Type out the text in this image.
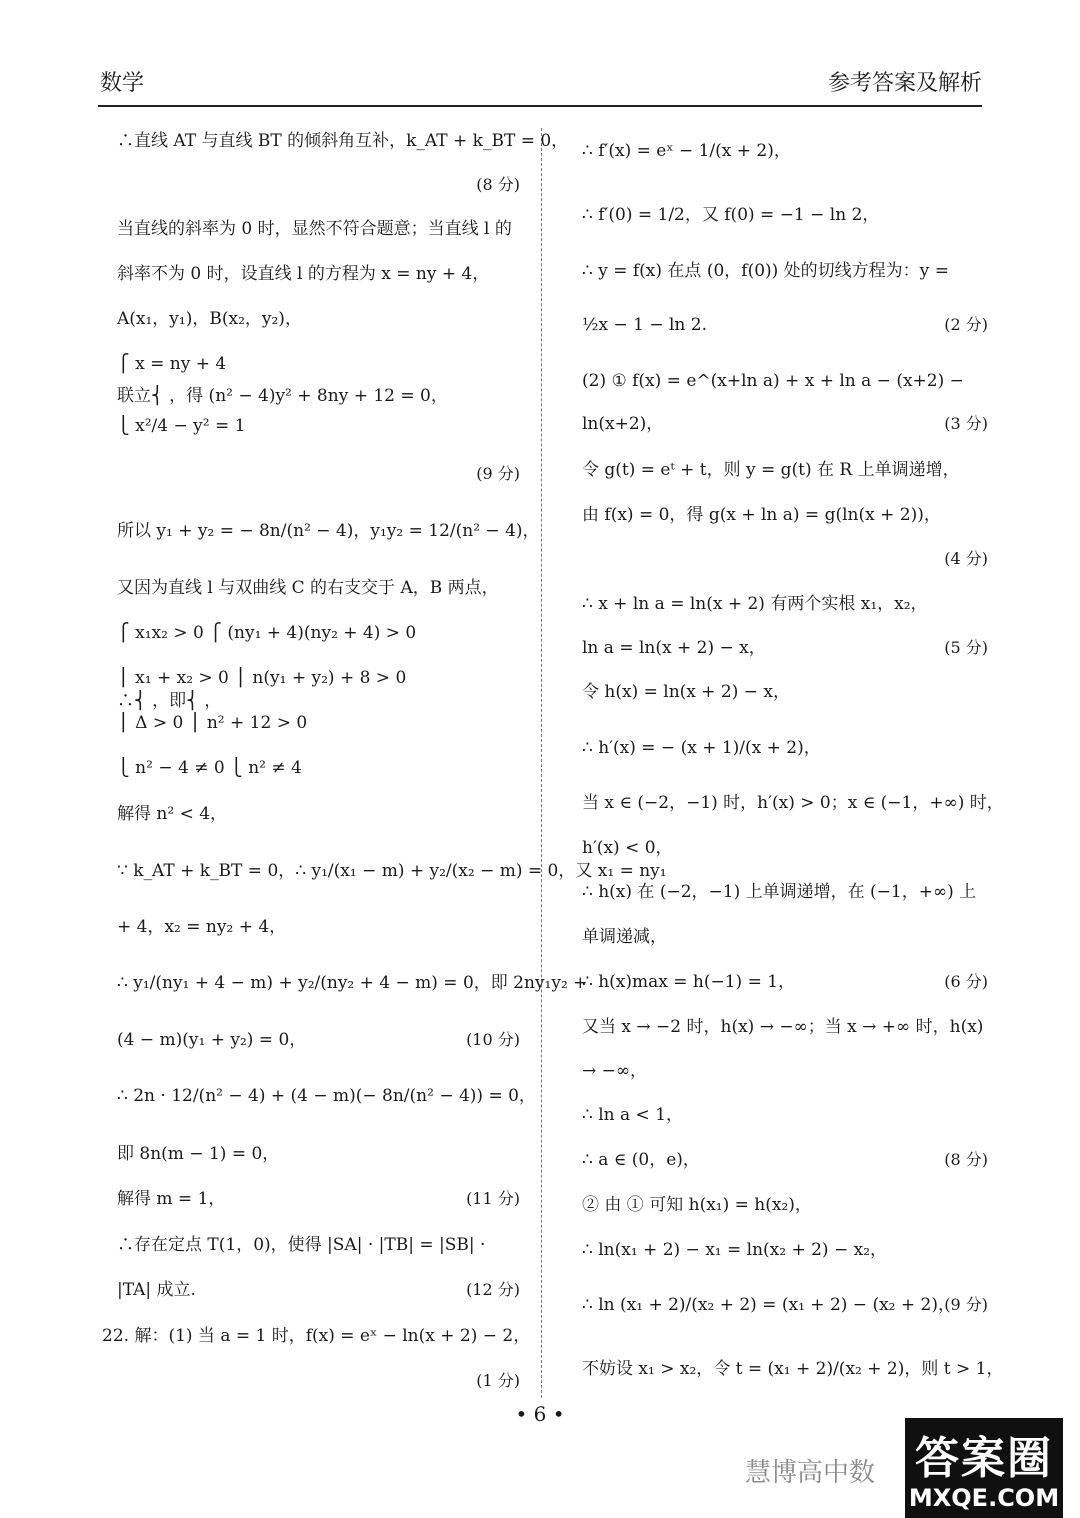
数学	参考答案及解析
∴直线 AT 与直线 BT 的倾斜角互补，k_AT + k_BT = 0，
(8 分)
当直线的斜率为 0 时，显然不符合题意；当直线 l 的
斜率不为 0 时，设直线 l 的方程为 x = ny + 4，
A(x₁，y₁)，B(x₂，y₂)，
⎧ x = ny + 4
联立⎨ ，得 (n² − 4)y² + 8ny + 12 = 0，
⎩ x²/4 − y² = 1
(9 分)
所以 y₁ + y₂ = − 8n/(n² − 4)，y₁y₂ = 12/(n² − 4)，
又因为直线 l 与双曲线 C 的右支交于 A，B 两点，
⎧ x₁x₂ > 0 ⎧ (ny₁ + 4)(ny₂ + 4) > 0
⎪ x₁ + x₂ > 0 ⎪ n(y₁ + y₂) + 8 > 0
∴⎨ ，即⎨ ，
⎪ Δ > 0 ⎪ n² + 12 > 0
⎩ n² − 4 ≠ 0 ⎩ n² ≠ 4
解得 n² < 4，
∵ k_AT + k_BT = 0，∴ y₁/(x₁ − m) + y₂/(x₂ − m) = 0，又 x₁ = ny₁
+ 4，x₂ = ny₂ + 4，
∴ y₁/(ny₁ + 4 − m) + y₂/(ny₂ + 4 − m) = 0，即 2ny₁y₂ +
(4 − m)(y₁ + y₂) = 0，	(10 分)
∴ 2n · 12/(n² − 4) + (4 − m)(− 8n/(n² − 4)) = 0，
即 8n(m − 1) = 0，
解得 m = 1，	(11 分)
∴存在定点 T(1，0)，使得 |SA| · |TB| = |SB| ·
|TA| 成立.	(12 分)
22. 解：(1) 当 a = 1 时，f(x) = eˣ − ln(x + 2) − 2，
(1 分)
∴ f′(x) = eˣ − 1/(x + 2)，
∴ f′(0) = 1/2，又 f(0) = −1 − ln 2，
∴ y = f(x) 在点 (0，f(0)) 处的切线方程为：y =
½x − 1 − ln 2.	(2 分)
(2) ① f(x) = e^(x+ln a) + x + ln a − (x+2) −
ln(x+2)，	(3 分)
令 g(t) = eᵗ + t，则 y = g(t) 在 R 上单调递增，
由 f(x) = 0，得 g(x + ln a) = g(ln(x + 2))，
(4 分)
∴ x + ln a = ln(x + 2) 有两个实根 x₁，x₂，
ln a = ln(x + 2) − x，	(5 分)
令 h(x) = ln(x + 2) − x，
∴ h′(x) = − (x + 1)/(x + 2)，
当 x ∈ (−2，−1) 时，h′(x) > 0；x ∈ (−1，+∞) 时，
h′(x) < 0，
∴ h(x) 在 (−2，−1) 上单调递增，在 (−1，+∞) 上
单调递减，
∴ h(x)max = h(−1) = 1，	(6 分)
又当 x → −2 时，h(x) → −∞；当 x → +∞ 时，h(x)
→ −∞，
∴ ln a < 1，
∴ a ∈ (0，e)，	(8 分)
② 由 ① 可知 h(x₁) = h(x₂)，
∴ ln(x₁ + 2) − x₁ = ln(x₂ + 2) − x₂，
∴ ln (x₁ + 2)/(x₂ + 2) = (x₁ + 2) − (x₂ + 2)，
(9 分)
不妨设 x₁ > x₂，令 t = (x₁ + 2)/(x₂ + 2)，则 t > 1，
• 6 •
慧博高中数 答案圈
MXQE.COM
